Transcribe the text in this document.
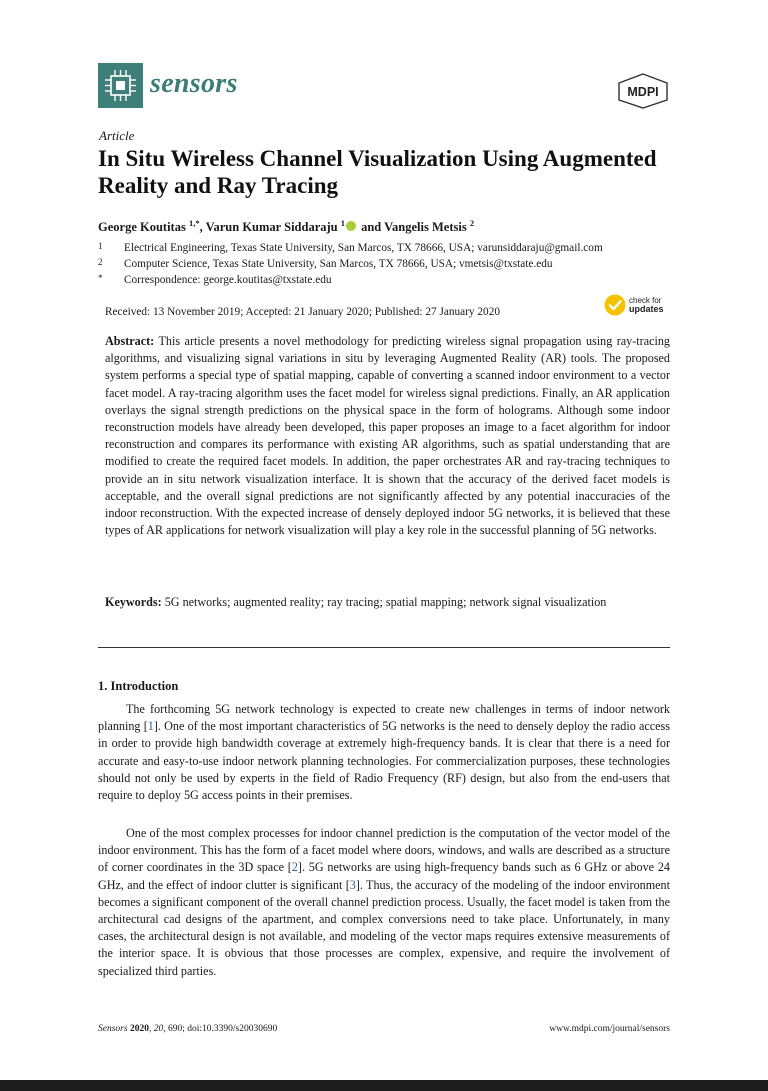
sensors	MDPI
Article
In Situ Wireless Channel Visualization Using Augmented Reality and Ray Tracing
George Koutitas $^{1,*}$, Varun Kumar Siddaraju $^1$ and Vangelis Metsis $^2$
1 Electrical Engineering, Texas State University, San Marcos, TX 78666, USA; varunsiddaraju@gmail.com
2 Computer Science, Texas State University, San Marcos, TX 78666, USA; vmetsis@txstate.edu
* Correspondence: george.koutitas@txstate.edu
Received: 13 November 2019; Accepted: 21 January 2020; Published: 27 January 2020
check for
updates
Abstract: This article presents a novel methodology for predicting wireless signal propagation using ray-tracing algorithms, and visualizing signal variations in situ by leveraging Augmented Reality (AR) tools. The proposed system performs a special type of spatial mapping, capable of converting a scanned indoor environment to a vector facet model. A ray-tracing algorithm uses the facet model for wireless signal predictions. Finally, an AR application overlays the signal strength predictions on the physical space in the form of holograms. Although some indoor reconstruction models have already been developed, this paper proposes an image to a facet algorithm for indoor reconstruction and compares its performance with existing AR algorithms, such as spatial understanding that are modified to create the required facet models. In addition, the paper orchestrates AR and ray-tracing techniques to provide an in situ network visualization interface. It is shown that the accuracy of the derived facet models is acceptable, and the overall signal predictions are not significantly affected by any potential inaccuracies of the indoor reconstruction. With the expected increase of densely deployed indoor 5G networks, it is believed that these types of AR applications for network visualization will play a key role in the successful planning of 5G networks.
Keywords: 5G networks; augmented reality; ray tracing; spatial mapping; network signal visualization
1. Introduction
The forthcoming 5G network technology is expected to create new challenges in terms of indoor network planning [1]. One of the most important characteristics of 5G networks is the need to densely deploy the radio access in order to provide high bandwidth coverage at extremely high-frequency bands. It is clear that there is a need for accurate and easy-to-use indoor network planning technologies. For commercialization purposes, these technologies should not only be used by experts in the field of Radio Frequency (RF) design, but also from the end-users that require to deploy 5G access points in their premises.
One of the most complex processes for indoor channel prediction is the computation of the vector model of the indoor environment. This has the form of a facet model where doors, windows, and walls are described as a structure of corner coordinates in the 3D space [2]. 5G networks are using high-frequency bands such as 6 GHz or above 24 GHz, and the effect of indoor clutter is significant [3]. Thus, the accuracy of the modeling of the indoor environment becomes a significant component of the overall channel prediction process. Usually, the facet model is taken from the architectural cad designs of the apartment, and complex conversions need to take place. Unfortunately, in many cases, the architectural design is not available, and modeling of the vector maps requires extensive measurements of the interior space. It is obvious that those processes are complex, expensive, and require the involvement of specialized third parties.
Sensors 2020, 20, 690; doi:10.3390/s20030690	www.mdpi.com/journal/sensors
